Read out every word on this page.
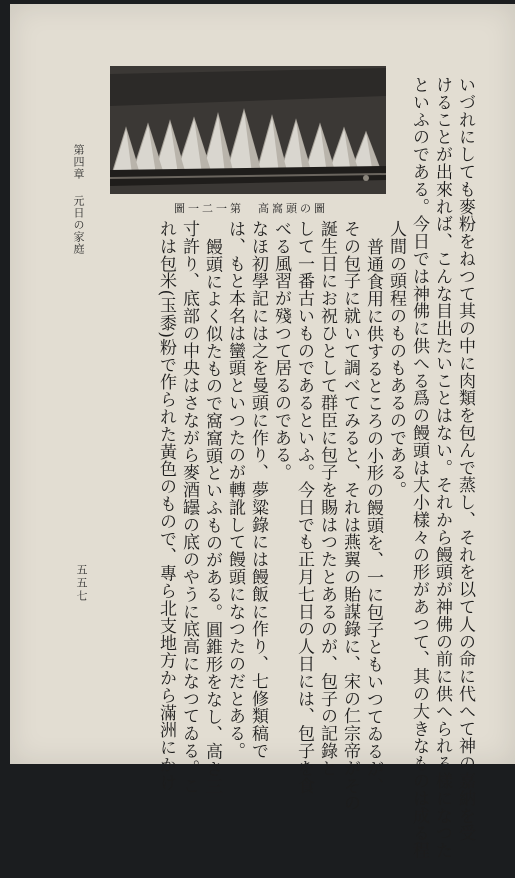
圖一二一第　高窩頭の圖
第四章 元日の家庭
五五七	いづれにしても麥粉をねつて其の中に肉類を包んで蒸し、それを以て人の命に代へて神の嘉納を受
けることが出來れば、こんな目出たいことはない。それから饅頭が神佛の前に供へられる樣になつた
といふのである。今日では神佛に供へる爲の饅頭は大小樣々の形があつて、其の大きなものは成る程
人間の頭程のものもあるのである。
普通食用に供するところの小形の饅頭を、一に包子ともいつてゐるが、
その包子に就いて調べてみると、それは燕翼の貽謀錄に、宋の仁宗帝がその
誕生日にお祝ひとして群臣に包子を賜はつたとあるのが、包子の記錄と
して一番古いものであるといふ。今日でも正月七日の人日には、包子を食
べる風習が殘つて居るのである。
なほ初學記には之を曼頭に作り、夢粱錄には饅飯に作り、七修類稿で
は、もと本名は蠻頭といつたのが轉訛して饅頭になつたのだとある。
饅頭によく似たもので窩窩頭といふものがある。圓錐形をなし、高さ三
寸許り、底部の中央はさながら麥酒罎の底のやうに底高になつてゐる。こ
れは包米(玉黍)粉で作られた黃色のもので、專ら北支地方から滿洲にかけ
